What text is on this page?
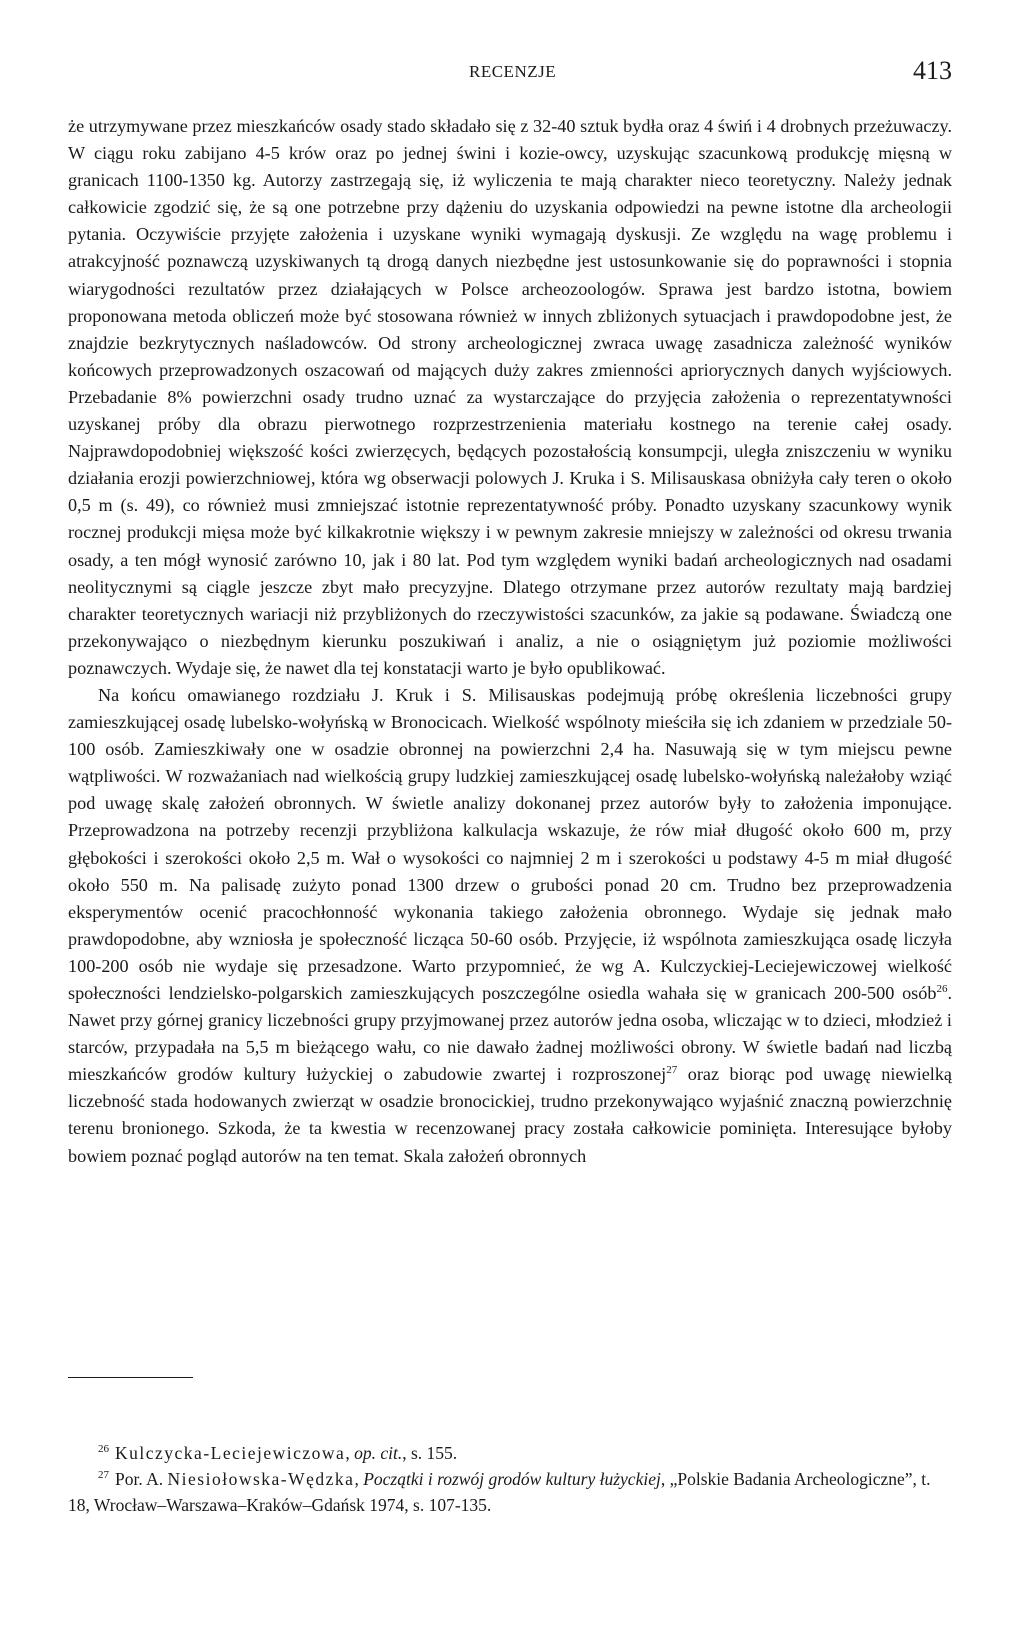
RECENZJE	413

że utrzymywane przez mieszkańców osady stado składało się z 32-40 sztuk bydła oraz 4 świń i 4 drobnych przeżuwaczy. W ciągu roku zabijano 4-5 krów oraz po jednej świni i kozie-owcy, uzyskując szacunkową produkcję mięsną w granicach 1100-1350 kg. Autorzy zastrzegają się, iż wyliczenia te mają charakter nieco teoretyczny. Należy jednak całkowicie zgodzić się, że są one potrzebne przy dążeniu do uzyskania odpowiedzi na pewne istotne dla archeologii pytania. Oczywiście przyjęte założenia i uzyskane wyniki wymagają dyskusji. Ze względu na wagę problemu i atrakcyjność poznawczą uzyskiwanych tą drogą danych niezbędne jest ustosunkowanie się do poprawności i stopnia wiarygodności rezultatów przez działających w Polsce archeozoologów. Sprawa jest bardzo istotna, bowiem proponowana metoda obliczeń może być stosowana również w innych zbliżonych sytuacjach i prawdopodobne jest, że znajdzie bezkrytycznych naśladowców. Od strony archeologicznej zwraca uwagę zasadnicza zależność wyników końcowych przeprowadzonych oszacowań od mających duży zakres zmienności apriorycznych danych wyjściowych. Przebadanie 8% powierzchni osady trudno uznać za wystarczające do przyjęcia założenia o reprezentatywności uzyskanej próby dla obrazu pierwotnego rozprzestrzenienia materiału kostnego na terenie całej osady. Najprawdopodobniej większość kości zwierzęcych, będących pozostałością konsumpcji, uległa zniszczeniu w wyniku działania erozji powierzchniowej, która wg obserwacji polowych J. Kruka i S. Milisauskasa obniżyła cały teren o około 0,5 m (s. 49), co również musi zmniejszać istotnie reprezentatywność próby. Ponadto uzyskany szacunkowy wynik rocznej produkcji mięsa może być kilkakrotnie większy i w pewnym zakresie mniejszy w zależności od okresu trwania osady, a ten mógł wynosić zarówno 10, jak i 80 lat. Pod tym względem wyniki badań archeologicznych nad osadami neolitycznymi są ciągle jeszcze zbyt mało precyzyjne. Dlatego otrzymane przez autorów rezultaty mają bardziej charakter teoretycznych wariacji niż przybliżonych do rzeczywistości szacunków, za jakie są podawane. Świadczą one przekonywająco o niezbędnym kierunku poszukiwań i analiz, a nie o osiągniętym już poziomie możliwości poznawczych. Wydaje się, że nawet dla tej konstatacji warto je było opublikować.

Na końcu omawianego rozdziału J. Kruk i S. Milisauskas podejmują próbę określenia liczebności grupy zamieszkującej osadę lubelsko-wołyńską w Bronocicach. Wielkość wspólnoty mieściła się ich zdaniem w przedziale 50-100 osób. Zamieszkiwały one w osadzie obronnej na powierzchni 2,4 ha. Nasuwają się w tym miejscu pewne wątpliwości. W rozważaniach nad wielkością grupy ludzkiej zamieszkującej osadę lubelsko-wołyńską należałoby wziąć pod uwagę skalę założeń obronnych. W świetle analizy dokonanej przez autorów były to założenia imponujące. Przeprowadzona na potrzeby recenzji przybliżona kalkulacja wskazuje, że rów miał długość około 600 m, przy głębokości i szerokości około 2,5 m. Wał o wysokości co najmniej 2 m i szerokości u podstawy 4-5 m miał długość około 550 m. Na palisadę zużyto ponad 1300 drzew o grubości ponad 20 cm. Trudno bez przeprowadzenia eksperymentów ocenić pracochłonność wykonania takiego założenia obronnego. Wydaje się jednak mało prawdopodobne, aby wzniosła je społeczność licząca 50-60 osób. Przyjęcie, iż wspólnota zamieszkująca osadę liczyła 100-200 osób nie wydaje się przesadzone. Warto przypomnieć, że wg A. Kulczyckiej-Leciejewiczowej wielkość społeczności lendzielsko-polgarskich zamieszkujących poszczególne osiedla wahała się w granicach 200-500 osób$^{26}$. Nawet przy górnej granicy liczebności grupy przyjmowanej przez autorów jedna osoba, wliczając w to dzieci, młodzież i starców, przypadała na 5,5 m bieżącego wału, co nie dawało żadnej możliwości obrony. W świetle badań nad liczbą mieszkańców grodów kultury łużyckiej o zabudowie zwartej i rozproszonej$^{27}$ oraz biorąc pod uwagę niewielką liczebność stada hodowanych zwierząt w osadzie bronocickiej, trudno przekonywająco wyjaśnić znaczną powierzchnię terenu bronionego. Szkoda, że ta kwestia w recenzowanej pracy została całkowicie pominięta. Interesujące byłoby bowiem poznać pogląd autorów na ten temat. Skala założeń obronnych

$^{26}$ Kulczycka-Leciejewiczowa, op. cit., s. 155.

$^{27}$ Por. A. Niesiołowska-Wędzka, Początki i rozwój grodów kultury łużyckiej, „Polskie Badania Archeologiczne”, t. 18, Wrocław–Warszawa–Kraków–Gdańsk 1974, s. 107-135.
